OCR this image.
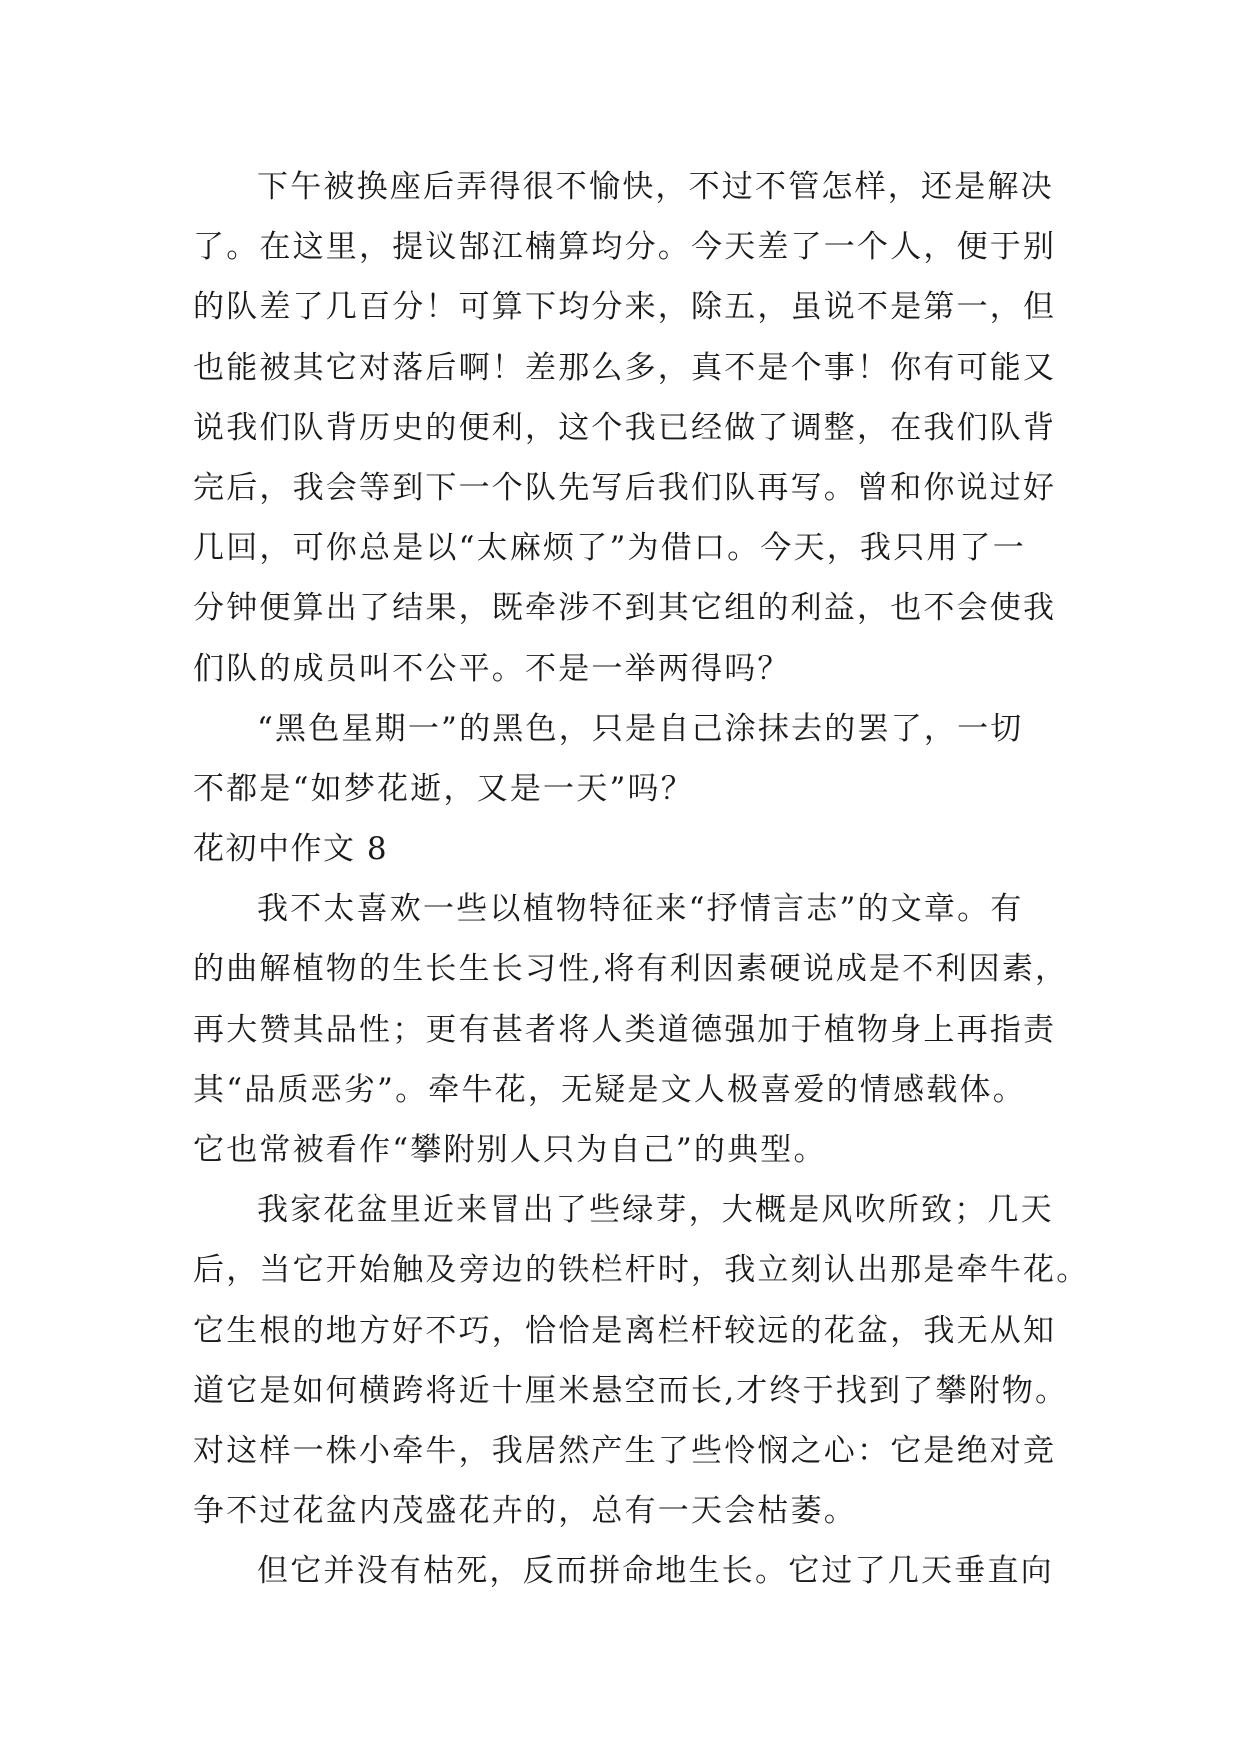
下午被换座后弄得很不愉快，不过不管怎样，还是解决
了。在这里，提议郜江楠算均分。今天差了一个人，便于别
的队差了几百分！可算下均分来，除五，虽说不是第一，但
也能被其它对落后啊！差那么多，真不是个事！你有可能又
说我们队背历史的便利，这个我已经做了调整，在我们队背
完后，我会等到下一个队先写后我们队再写。曾和你说过好
几回，可你总是以“太麻烦了”为借口。今天，我只用了一
分钟便算出了结果，既牵涉不到其它组的利益，也不会使我
们队的成员叫不公平。不是一举两得吗？
“黑色星期一”的黑色，只是自己涂抹去的罢了，一切
不都是“如梦花逝，又是一天”吗？
花初中作文 8
我不太喜欢一些以植物特征来“抒情言志”的文章。有
的曲解植物的生长生长习性,将有利因素硬说成是不利因素，
再大赞其品性；更有甚者将人类道德强加于植物身上再指责
其“品质恶劣”。牵牛花，无疑是文人极喜爱的情感载体。
它也常被看作“攀附别人只为自己”的典型。
我家花盆里近来冒出了些绿芽，大概是风吹所致；几天
后，当它开始触及旁边的铁栏杆时，我立刻认出那是牵牛花。
它生根的地方好不巧，恰恰是离栏杆较远的花盆，我无从知
道它是如何横跨将近十厘米悬空而长,才终于找到了攀附物。
对这样一株小牵牛，我居然产生了些怜悯之心：它是绝对竞
争不过花盆内茂盛花卉的，总有一天会枯萎。
但它并没有枯死，反而拼命地生长。它过了几天垂直向
